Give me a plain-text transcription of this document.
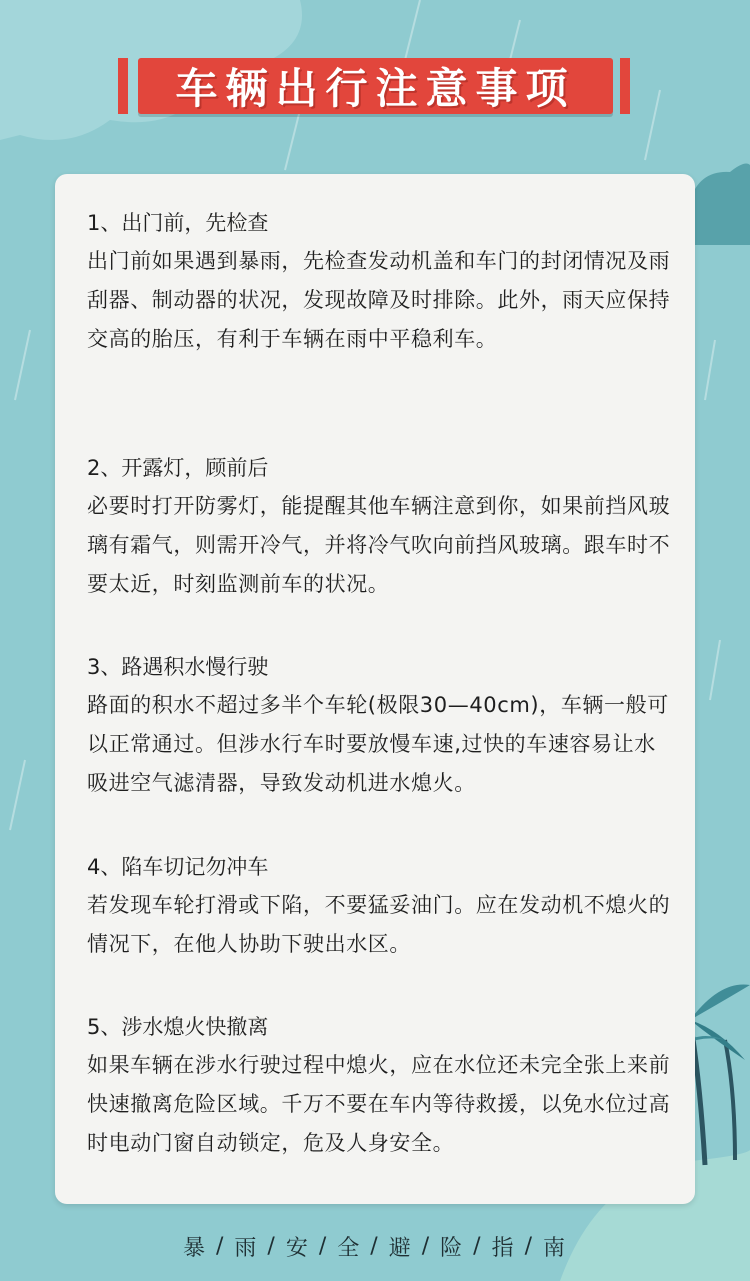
车辆出行注意事项

1、出门前，先检查

出门前如果遇到暴雨，先检查发动机盖和车门的封闭情况及雨刮器、制动器的状况，发现故障及时排除。此外，雨天应保持交高的胎压，有利于车辆在雨中平稳利车。

2、开露灯，顾前后

必要时打开防雾灯，能提醒其他车辆注意到你，如果前挡风玻璃有霜气，则需开冷气，并将冷气吹向前挡风玻璃。跟车时不要太近，时刻监测前车的状况。

3、路遇积水慢行驶

路面的积水不超过多半个车轮(极限30—40cm)，车辆一般可以正常通过。但涉水行车时要放慢车速,过快的车速容易让水吸进空气滤清器，导致发动机进水熄火。

4、陷车切记勿冲车

若发现车轮打滑或下陷，不要猛妥油门。应在发动机不熄火的情况下，在他人协助下驶出水区。

5、涉水熄火快撤离

如果车辆在涉水行驶过程中熄火，应在水位还未完全张上来前快速撤离危险区域。千万不要在车内等待救援，以免水位过高时电动门窗自动锁定，危及人身安全。

暴 / 雨 / 安 / 全 / 避 / 险 / 指 / 南
